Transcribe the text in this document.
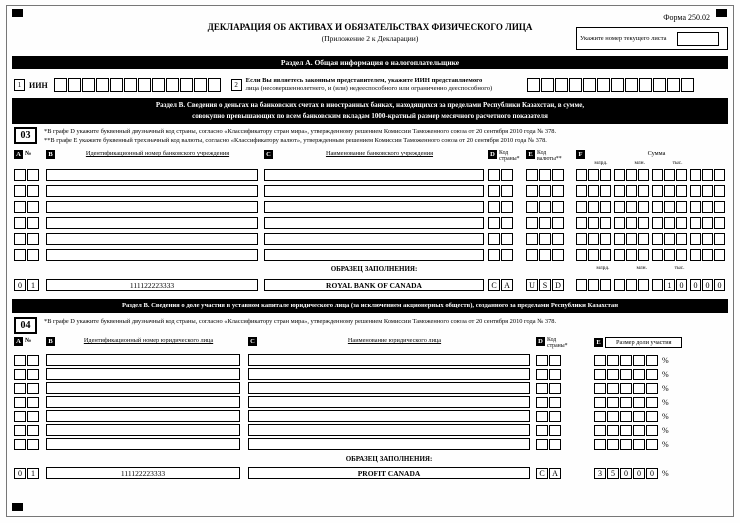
Форма 250.02
ДЕКЛАРАЦИЯ ОБ АКТИВАХ И ОБЯЗАТЕЛЬСТВАХ ФИЗИЧЕСКОГО ЛИЦА
(Приложение 2 к Декларации)	Укажите номер текущего листа
Раздел А. Общая информация о налогоплательщике
1 ИИН	2
Если Вы являетесь законным представителем, укажите ИИН представляемого
лица (несовершеннолетнего, и (или) недееспособного или ограниченно дееспособного)
Раздел В. Сведения о деньгах на банковских счетах в иностранных банках, находящихся за пределами Республики Казахстан, в сумме,
совокупно превышающих по всем банковским вкладам 1000-кратный размер месячного расчетного показателя
03	*В графе D укажите буквенный двузначный код страны, согласно «Классификатору стран мира», утвержденному решением Комиссии Таможенного союза от 20 сентября 2010 года № 378.
**В графе Е укажите буквенный трехзначный код валюты, согласно «Классификатору валют», утвержденным решением Комиссии Таможенного союза от 20 сентября 2010 года № 378.
A №	B	Идентификационный номер банковского учреждения	C	Наименование банковского учреждения	D Код страны*
E Код валюты**
F	Сумма
млрд.	млн.	тыс.
ОБРАЗЕЦ ЗАПОЛНЕНИЯ:	млрд.	млн.	тыс.
0	1	111122223333	ROYAL BANK OF CANADA	C A	U S D	1	0	0	0	0
Раздел В. Сведения о доле участия в уставном капитале юридического лица (за исключением акционерных обществ), созданного за пределами Республики Казахстан
04	*В графе D укажите буквенный двузначный код страны, согласно «Классификатору стран мира», утвержденному решением Комиссии Таможенного союза от 20 сентября 2010 года № 378.
A №	B	Идентификационный номер юридического лица	C	Наименование юридического лица	D Код страны*
E	Размер доли участия
%
%
%
%
%
%
%
ОБРАЗЕЦ ЗАПОЛНЕНИЯ:
0	1	111122223333	PROFIT CANADA	C A	3	5	0	0	0	%
